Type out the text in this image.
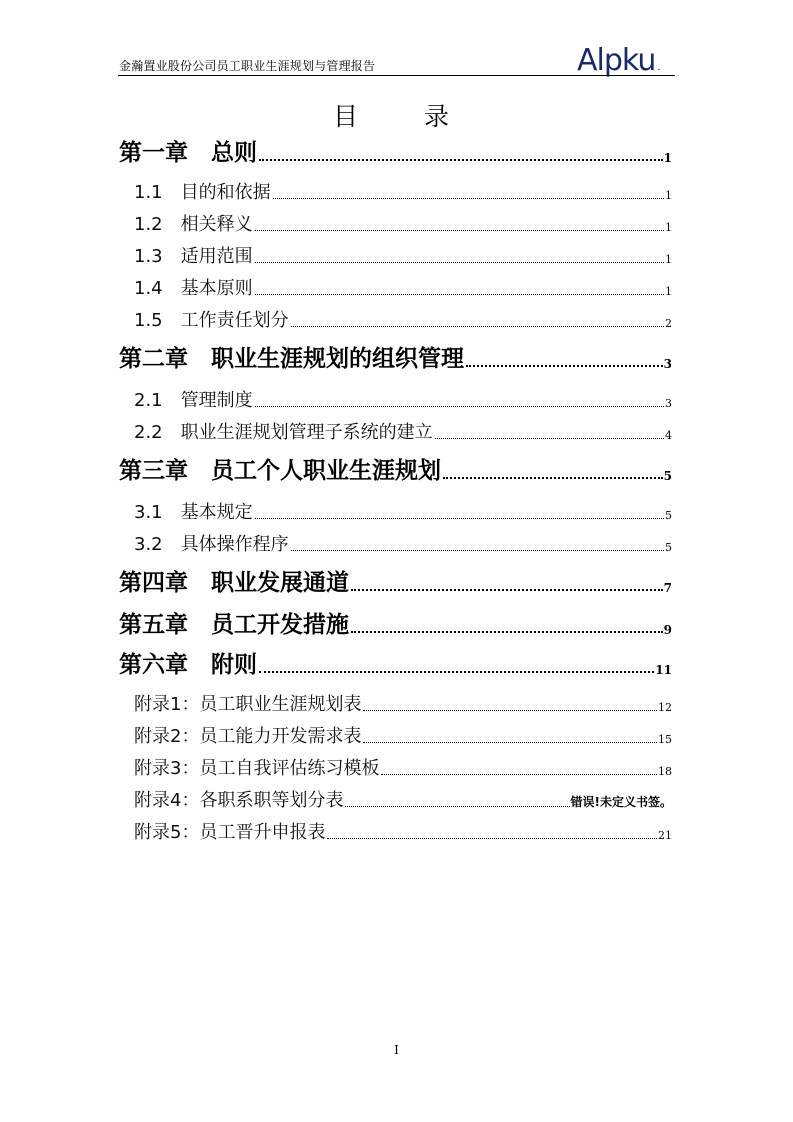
金瀚置业股份公司员工职业生涯规划与管理报告	Alpku .
目录
第一章　总则	1
1.1　目的和依据	1
1.2　相关释义	1
1.3　适用范围	1
1.4　基本原则	1
1.5　工作责任划分	2
第二章　职业生涯规划的组织管理	3
2.1　管理制度	3
2.2　职业生涯规划管理子系统的建立	4
第三章　员工个人职业生涯规划	5
3.1　基本规定	5
3.2　具体操作程序	5
第四章　职业发展通道	7
第五章　员工开发措施	9
第六章　附则	11
附录1：员工职业生涯规划表	12
附录2：员工能力开发需求表	15
附录3：员工自我评估练习模板	18
附录4：各职系职等划分表	错误!未定义书签。
附录5：员工晋升申报表	21
I
